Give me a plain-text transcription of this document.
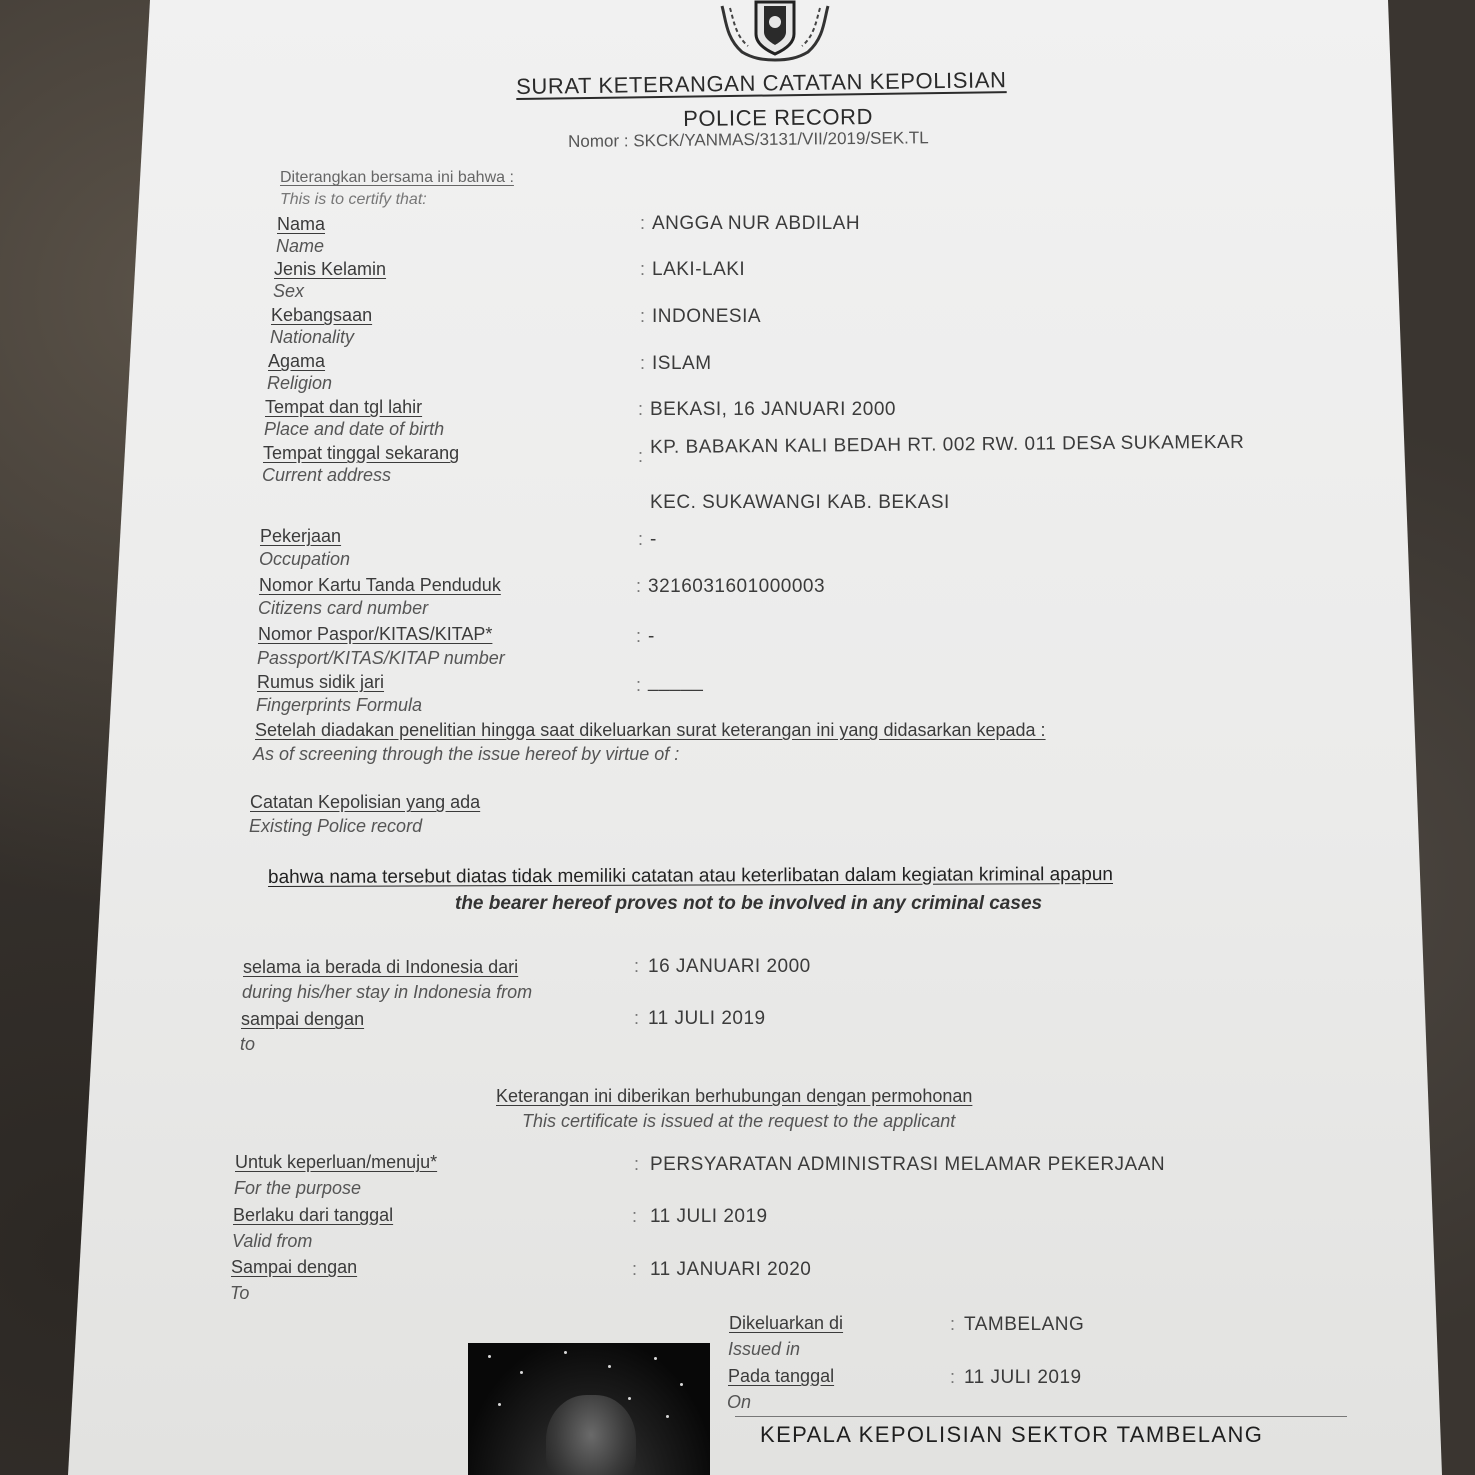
SURAT KETERANGAN CATATAN KEPOLISIAN
POLICE RECORD
Nomor : SKCK/YANMAS/3131/VII/2019/SEK.TL
Diterangkan bersama ini bahwa :
This is to certify that:
Nama
Name
: ANGGA NUR ABDILAH
Jenis Kelamin
Sex
: LAKI-LAKI
Kebangsaan
Nationality
: INDONESIA
Agama
Religion
: ISLAM
Tempat dan tgl lahir
Place and date of birth
: BEKASI, 16 JANUARI 2000
Tempat tinggal sekarang
Current address
: KP. BABAKAN KALI BEDAH RT. 002 RW. 011 DESA SUKAMEKAR
KEC. SUKAWANGI KAB. BEKASI
Pekerjaan
Occupation
: -
Nomor Kartu Tanda Penduduk
Citizens card number
: 3216031601000003
Nomor Paspor/KITAS/KITAP*
Passport/KITAS/KITAP number
: -
Rumus sidik jari
Fingerprints Formula
: _____
Setelah diadakan penelitian hingga saat dikeluarkan surat keterangan ini yang didasarkan kepada :
As of screening through the issue hereof by virtue of :
Catatan Kepolisian yang ada
Existing Police record
bahwa nama tersebut diatas tidak memiliki catatan atau keterlibatan dalam kegiatan kriminal apapun
the bearer hereof proves not to be involved in any criminal cases
selama ia berada di Indonesia dari
during his/her stay in Indonesia from
: 16 JANUARI 2000
sampai dengan
to
: 11 JULI 2019
Keterangan ini diberikan berhubungan dengan permohonan
This certificate is issued at the request to the applicant
Untuk keperluan/menuju*
For the purpose
: PERSYARATAN ADMINISTRASI MELAMAR PEKERJAAN
Berlaku dari tanggal
Valid from
: 11 JULI 2019
Sampai dengan
To
: 11 JANUARI 2020
Dikeluarkan di
Issued in
: TAMBELANG
Pada tanggal
On
: 11 JULI 2019
KEPALA KEPOLISIAN SEKTOR TAMBELANG
